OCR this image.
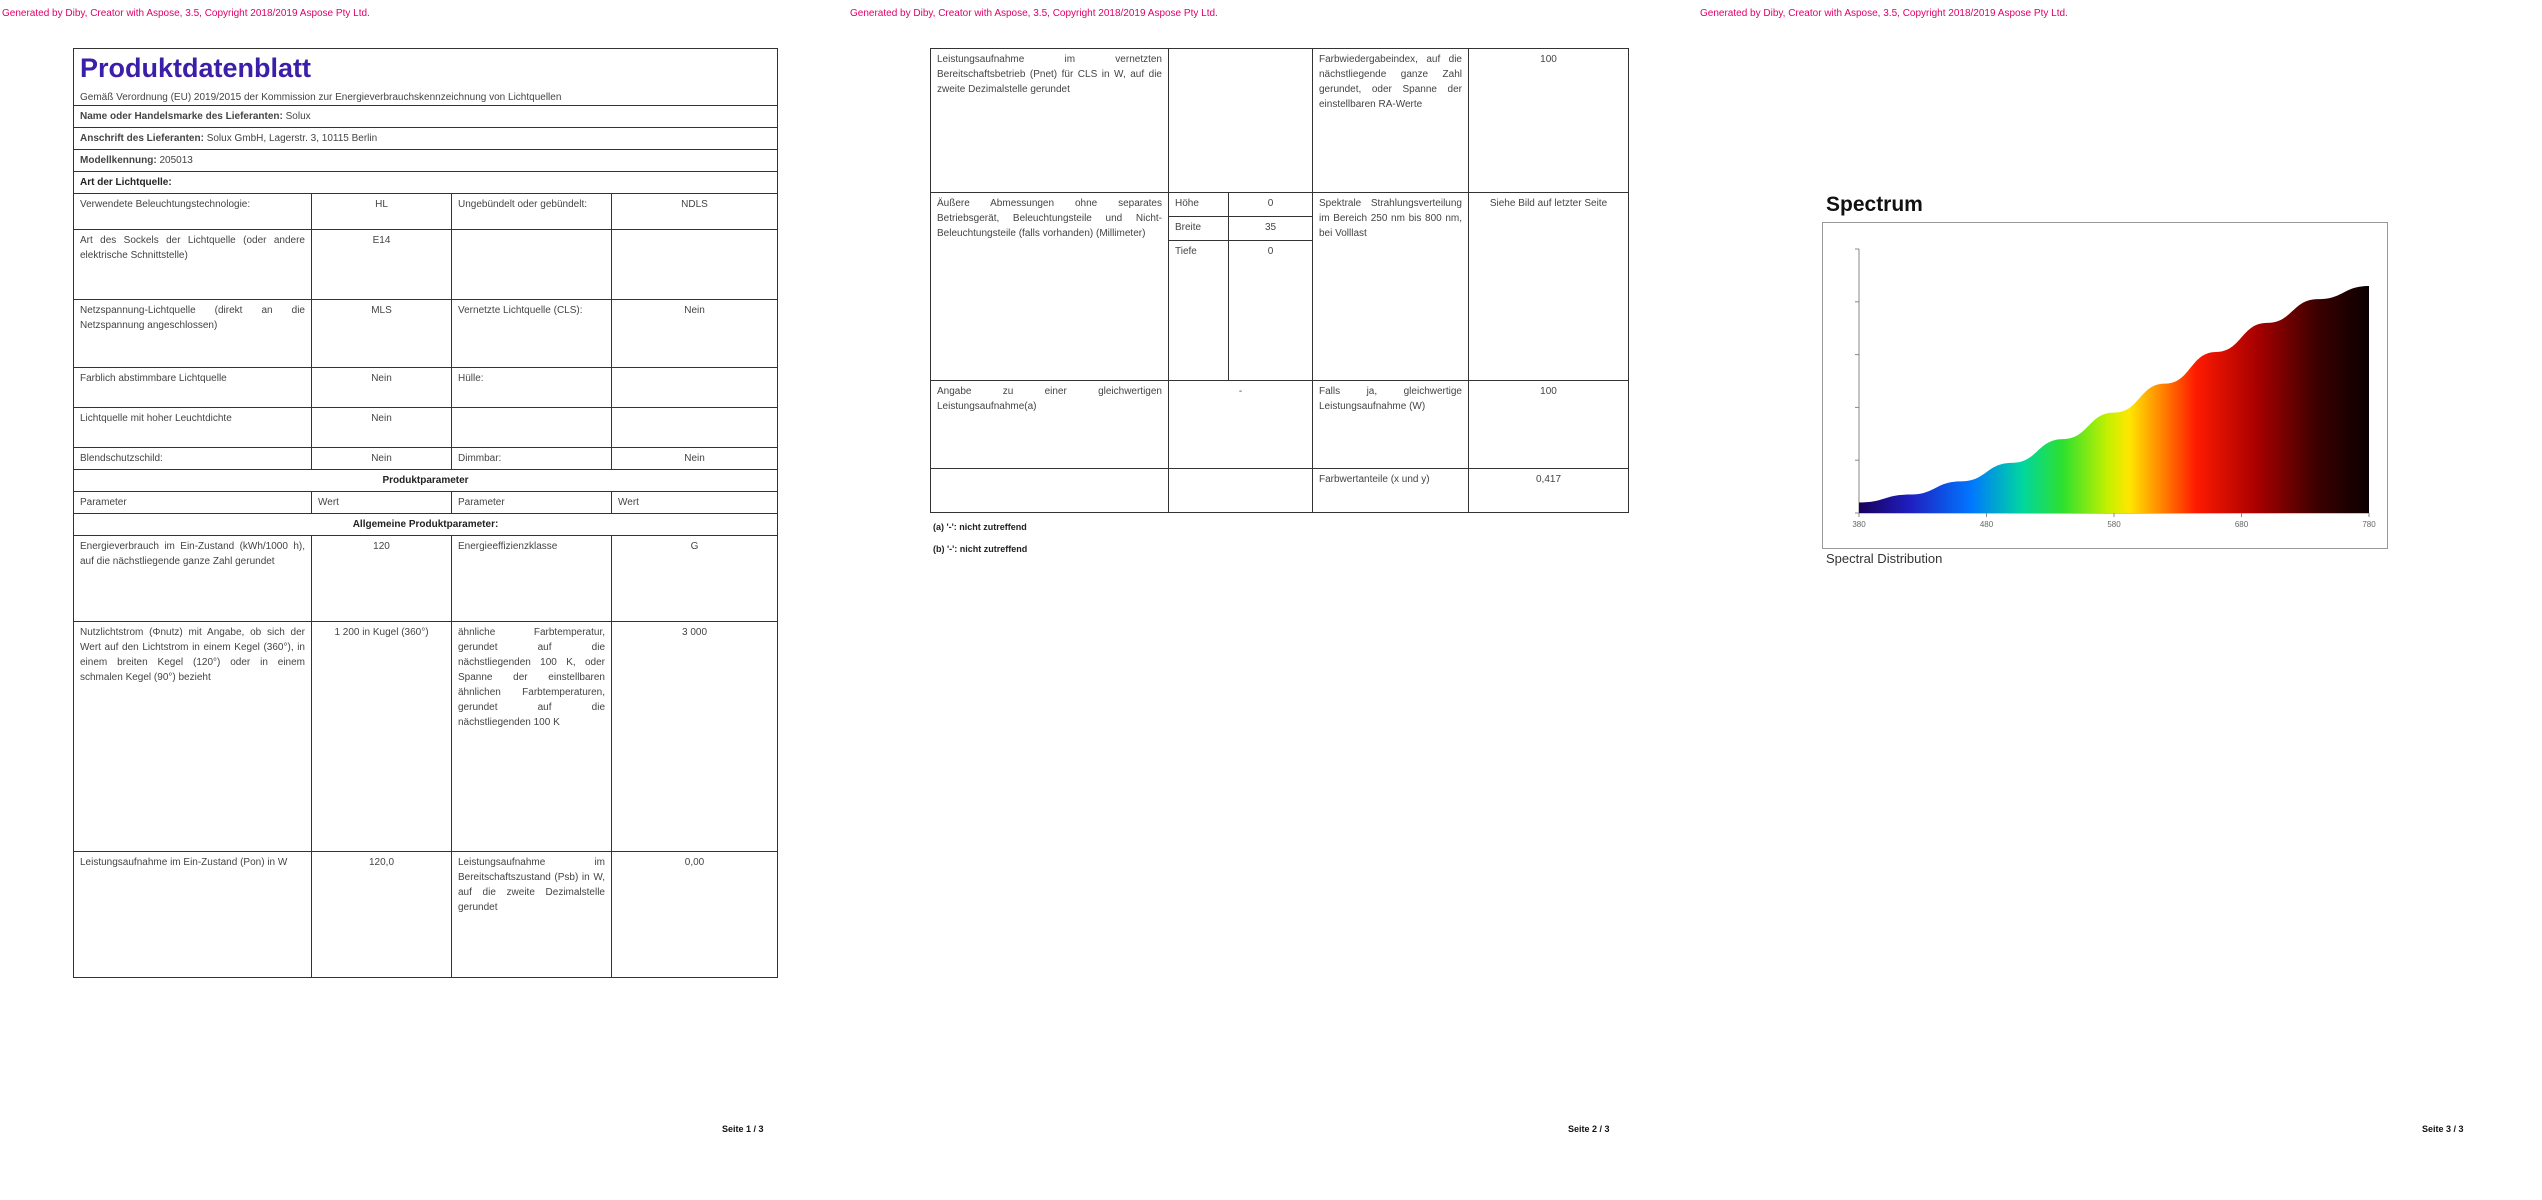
Generated by Diby, Creator with Aspose, 3.5, Copyright 2018/2019 Aspose Pty Ltd.
Seite 1 / 3
Produktdatenblatt
Gemäß Verordnung (EU) 2019/2015 der Kommission zur Energieverbrauchskennzeichnung von Lichtquellen			

Name oder Handelsmarke des Lieferanten: Solux			
Anschrift des Lieferanten: Solux GmbH, Lagerstr. 3, 10115 Berlin			
Modellkennung: 205013			
Art der Lichtquelle:			
Verwendete Beleuchtungstechnologie:	HL	Ungebündelt oder gebündelt:	NDLS
Art des Sockels der Lichtquelle (oder andere elektrische Schnittstelle)	E14		
Netzspannung-Lichtquelle (direkt an die Netzspannung angeschlossen)	MLS	Vernetzte Lichtquelle (CLS):	Nein
Farblich abstimmbare Lichtquelle	Nein	Hülle:	
Lichtquelle mit hoher Leuchtdichte	Nein		
Blendschutzschild:	Nein	Dimmbar:	Nein
Produktparameter			
Parameter	Wert	Parameter	Wert
Allgemeine Produktparameter:			
Energieverbrauch im Ein-Zustand (kWh/1000 h), auf die nächstliegende ganze Zahl gerundet	120	Energieeffizienzklasse	G
Nutzlichtstrom (Φnutz) mit Angabe, ob sich der Wert auf den Lichtstrom in einem Kegel (360°), in einem breiten Kegel (120°) oder in einem schmalen Kegel (90°) bezieht	1 200 in Kugel (360°)	ähnliche Farbtemperatur, gerundet auf die nächstliegenden 100 K, oder Spanne der einstellbaren ähnlichen Farbtemperaturen, gerundet auf die nächstliegenden 100 K	3 000
Leistungsaufnahme im Ein-Zustand (Pon) in W	120,0	Leistungsaufnahme im Bereitschaftszustand (Psb) in W, auf die zweite Dezimalstelle gerundet	0,00
Generated by Diby, Creator with Aspose, 3.5, Copyright 2018/2019 Aspose Pty Ltd.
Seite 2 / 3
Leistungsaufnahme im vernetzten Bereitschaftsbetrieb (Pnet) für CLS in W, auf die zweite Dezimalstelle gerundet			Farbwiedergabeindex, auf die nächstliegende ganze Zahl gerundet, oder Spanne der einstellbaren RA-Werte	100
Äußere Abmessungen ohne separates Betriebsgerät, Beleuchtungsteile und Nicht-Beleuchtungsteile (falls vorhanden) (Millimeter)	Höhe	0	Spektrale Strahlungsverteilung im Bereich 250 nm bis 800 nm, bei Volllast	Siehe Bild auf letzter Seite
	Breite	35		
	Tiefe	0		
Angabe zu einer gleichwertigen Leistungsaufnahme(a)	-		Falls ja, gleichwertige Leistungsaufnahme (W)	100
			Farbwertanteile (x und y)	0,417
(a) '-': nicht zutreffend
(b) '-': nicht zutreffend
Generated by Diby, Creator with Aspose, 3.5, Copyright 2018/2019 Aspose Pty Ltd.
Seite 3 / 3
Spectrum
380	480	580	680	780
Spectral Distribution
